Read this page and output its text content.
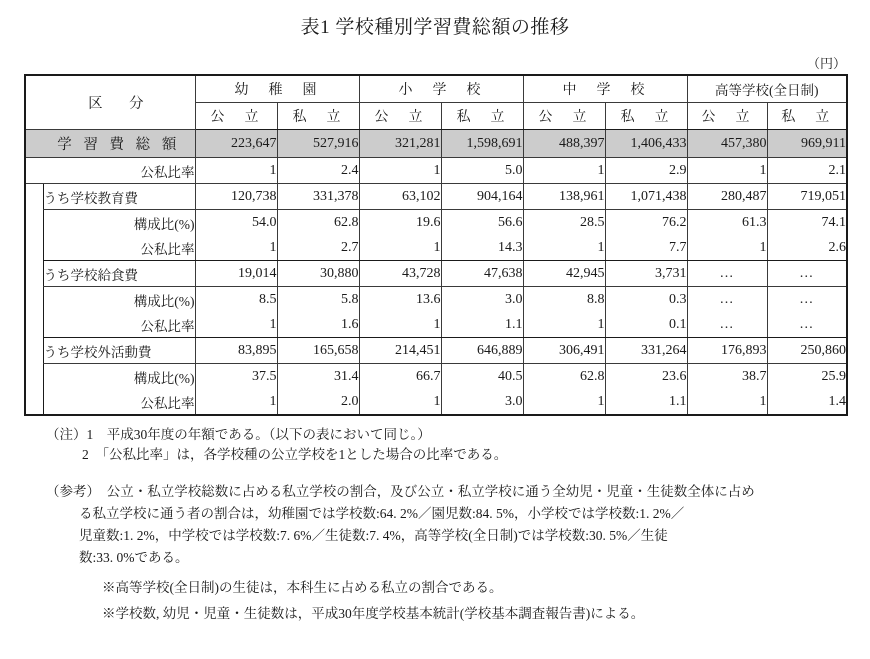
表1 学校種別学習費総額の推移
（円）
	区　分	幼　稚　園		小　学　校		中　学　校		高等学校(全日制)	
		公　立	私　立	公　立	私　立	公　立	私　立	公　立	私　立
	学 習 費 総 額	223,647	527,916	321,281	1,598,691	488,397	1,406,433	457,380	969,911
	公私比率	1	2.4	1	5.0	1	2.9	1	2.1
	うち学校教育費	120,738	331,378	63,102	904,164	138,961	1,071,438	280,487	719,051
	構成比(%)	54.0	62.8	19.6	56.6	28.5	76.2	61.3	74.1
	公私比率	1	2.7	1	14.3	1	7.7	1	2.6
	うち学校給食費	19,014	30,880	43,728	47,638	42,945	3,731	…	…
	構成比(%)	8.5	5.8	13.6	3.0	8.8	0.3	…	…
	公私比率	1	1.6	1	1.1	1	0.1	…	…
	うち学校外活動費	83,895	165,658	214,451	646,889	306,491	331,264	176,893	250,860
	構成比(%)	37.5	31.4	66.7	40.5	62.8	23.6	38.7	25.9
	公私比率	1	2.0	1	3.0	1	1.1	1	1.4
（注）1　平成30年度の年額である。（以下の表において同じ。）
2　「公私比率」は，各学校種の公立学校を1とした場合の比率である。
（参考）　公立・私立学校総数に占める私立学校の割合，及び公立・私立学校に通う全幼児・児童・生徒数全体に占め
る私立学校に通う者の割合は，幼稚園では学校数:64. 2%／園児数:84. 5%，小学校では学校数:1. 2%／
児童数:1. 2%，中学校では学校数:7. 6%／生徒数:7. 4%，高等学校(全日制)では学校数:30. 5%／生徒
数:33. 0%である。
※高等学校(全日制)の生徒は，本科生に占める私立の割合である。
※学校数, 幼児・児童・生徒数は，平成30年度学校基本統計(学校基本調査報告書)による。
